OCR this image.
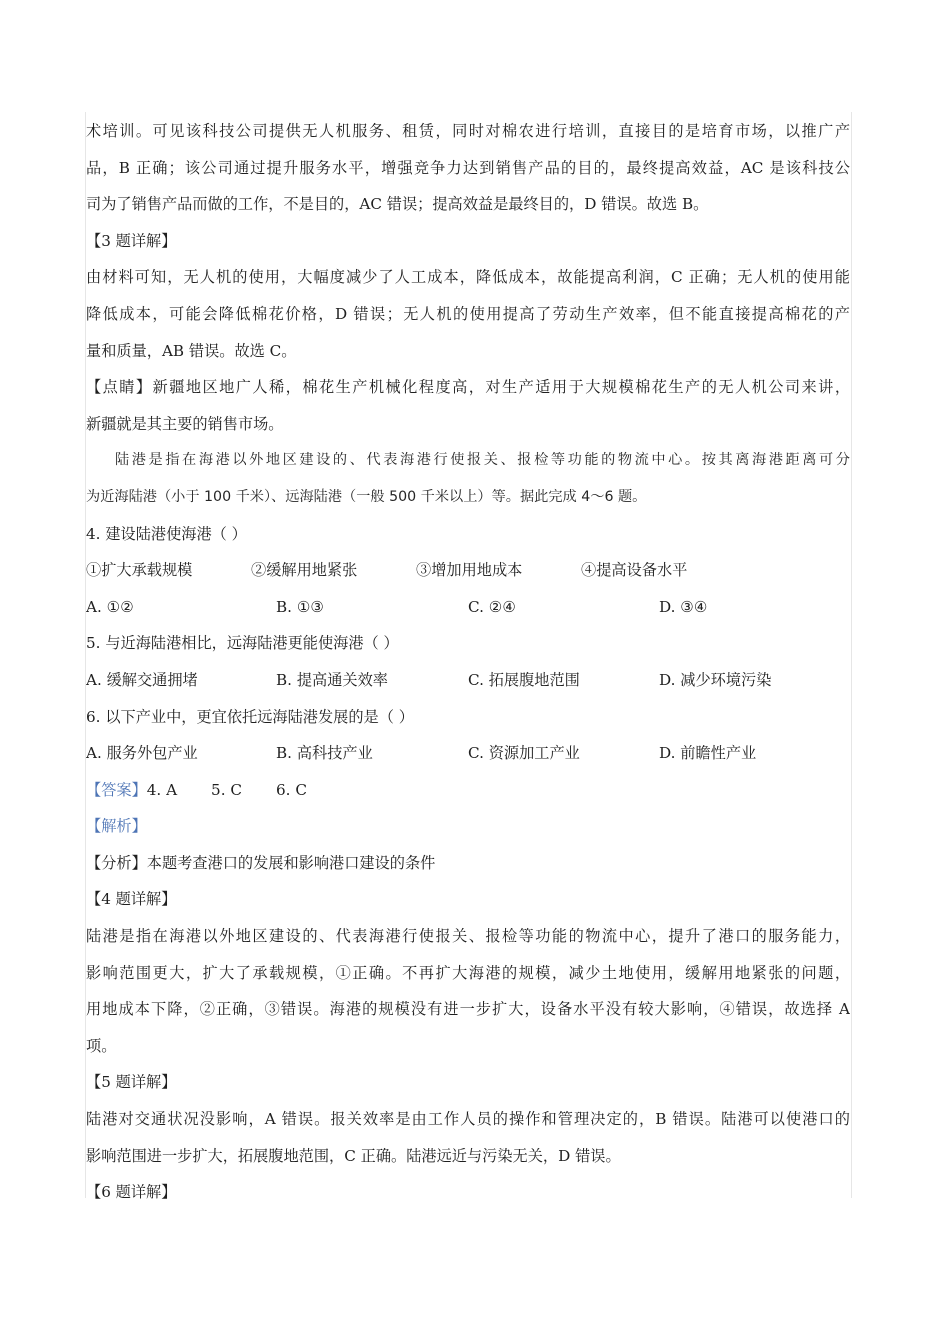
术培训。可见该科技公司提供无人机服务、租赁，同时对棉农进行培训，直接目的是培育市场，以推广产
品，B 正确；该公司通过提升服务水平，增强竞争力达到销售产品的目的，最终提高效益，AC 是该科技公
司为了销售产品而做的工作，不是目的，AC 错误；提高效益是最终目的，D 错误。故选 B。
【3 题详解】
由材料可知，无人机的使用，大幅度减少了人工成本，降低成本，故能提高利润，C 正确；无人机的使用能
降低成本，可能会降低棉花价格，D 错误；无人机的使用提高了劳动生产效率，但不能直接提高棉花的产
量和质量，AB 错误。故选 C。
【点睛】新疆地区地广人稀，棉花生产机械化程度高，对生产适用于大规模棉花生产的无人机公司来讲，
新疆就是其主要的销售市场。
陆港是指在海港以外地区建设的、代表海港行使报关、报检等功能的物流中心。按其离海港距离可分
为近海陆港（小于 100 千米）、远海陆港（一般 500 千米以上）等。据此完成 4～6 题。
4. 建设陆港使海港（ ）
①扩大承载规模	②缓解用地紧张	③增加用地成本	④提高设备水平
A. ①②	B. ①③	C. ②④	D. ③④
5. 与近海陆港相比，远海陆港更能使海港（ ）
A. 缓解交通拥堵	B. 提高通关效率	C. 拓展腹地范围	D. 减少环境污染
6. 以下产业中，更宜依托远海陆港发展的是（ ）
A. 服务外包产业	B. 高科技产业	C. 资源加工产业	D. 前瞻性产业
【答案】4. A 5. C 6. C
【解析】
【分析】本题考查港口的发展和影响港口建设的条件
【4 题详解】
陆港是指在海港以外地区建设的、代表海港行使报关、报检等功能的物流中心，提升了港口的服务能力，
影响范围更大，扩大了承载规模，①正确。不再扩大海港的规模，减少土地使用，缓解用地紧张的问题，
用地成本下降，②正确，③错误。海港的规模没有进一步扩大，设备水平没有较大影响，④错误，故选择 A
项。
【5 题详解】
陆港对交通状况没影响，A 错误。报关效率是由工作人员的操作和管理决定的，B 错误。陆港可以使港口的
影响范围进一步扩大，拓展腹地范围，C 正确。陆港远近与污染无关，D 错误。
【6 题详解】
